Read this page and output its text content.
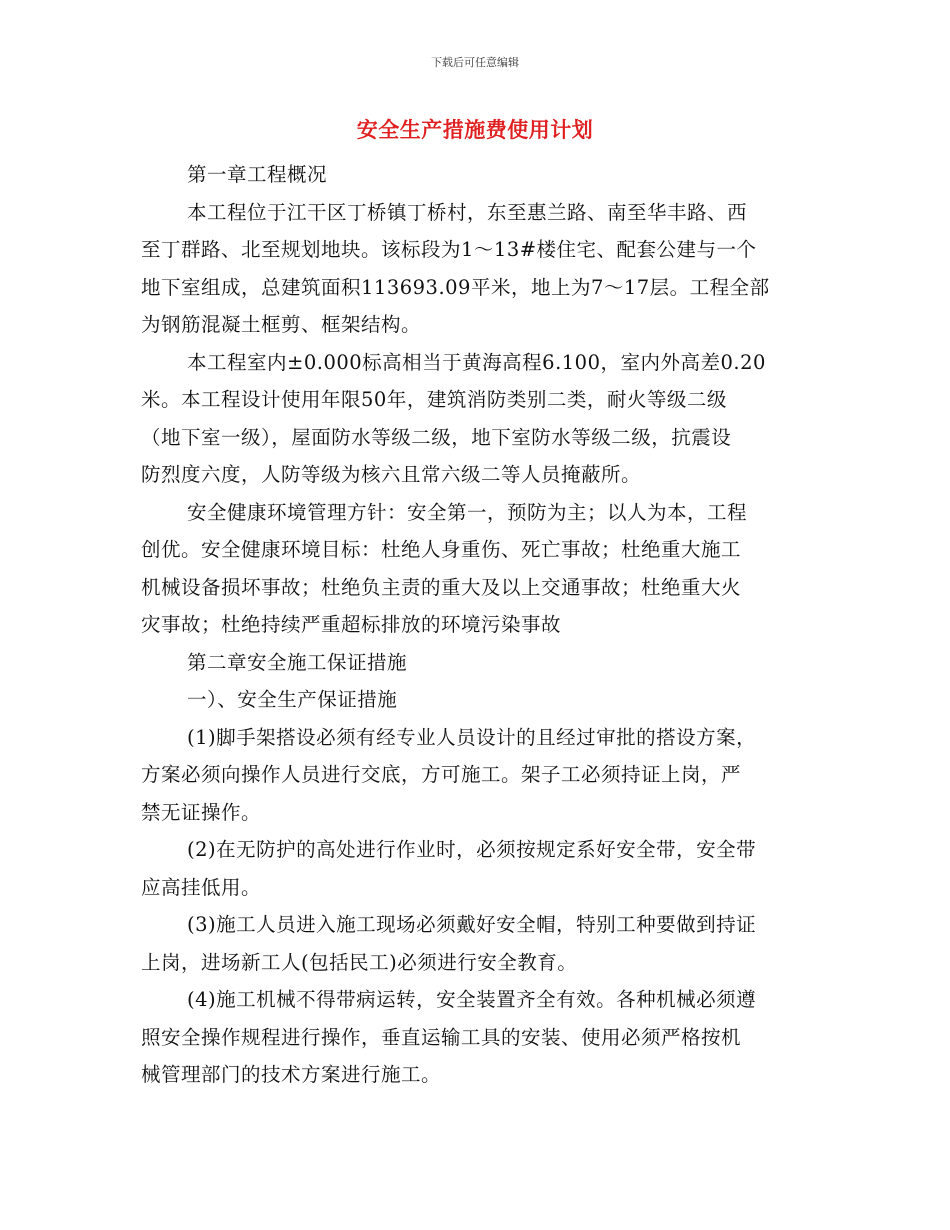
下载后可任意编辑
安全生产措施费使用计划
第一章工程概况
本工程位于江干区丁桥镇丁桥村，东至惠兰路、南至华丰路、西
至丁群路、北至规划地块。该标段为1～13#楼住宅、配套公建与一个
地下室组成，总建筑面积113693.09平米，地上为7～17层。工程全部
为钢筋混凝土框剪、框架结构。
本工程室内±0.000标高相当于黄海高程6.100，室内外高差0.20
米。本工程设计使用年限50年，建筑消防类别二类，耐火等级二级
（地下室一级），屋面防水等级二级，地下室防水等级二级，抗震设
防烈度六度，人防等级为核六且常六级二等人员掩蔽所。
安全健康环境管理方针：安全第一，预防为主；以人为本，工程
创优。安全健康环境目标：杜绝人身重伤、死亡事故；杜绝重大施工
机械设备损坏事故；杜绝负主责的重大及以上交通事故；杜绝重大火
灾事故；杜绝持续严重超标排放的环境污染事故
第二章安全施工保证措施
一）、安全生产保证措施
(1)脚手架搭设必须有经专业人员设计的且经过审批的搭设方案，
方案必须向操作人员进行交底，方可施工。架子工必须持证上岗，严
禁无证操作。
(2)在无防护的高处进行作业时，必须按规定系好安全带，安全带
应高挂低用。
(3)施工人员进入施工现场必须戴好安全帽，特别工种要做到持证
上岗，进场新工人(包括民工)必须进行安全教育。
(4)施工机械不得带病运转，安全装置齐全有效。各种机械必须遵
照安全操作规程进行操作，垂直运输工具的安装、使用必须严格按机
械管理部门的技术方案进行施工。
